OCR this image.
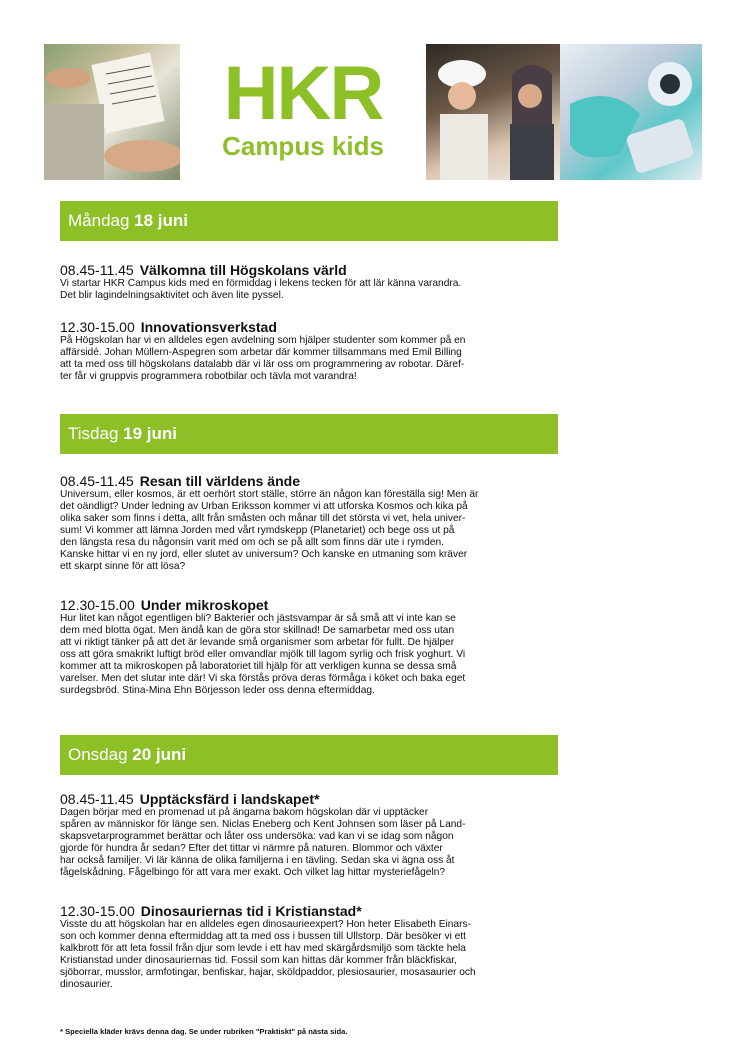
HKR
Campus kids
Måndag 18 juni
08.45-11.45 Välkomna till Högskolans värld

Vi startar HKR Campus kids med en förmiddag i lekens tecken för att lär känna varandra.
Det blir lagindelningsaktivitet och även lite pyssel.

12.30-15.00 Innovationsverkstad

På Högskolan har vi en alldeles egen avdelning som hjälper studenter som kommer på en
affärsidé. Johan Müllern-Aspegren som arbetar där kommer tillsammans med Emil Billing
att ta med oss till högskolans datalabb där vi lär oss om programmering av robotar. Däref-
ter får vi gruppvis programmera robotbilar och tävla mot varandra!

Tisdag 19 juni
08.45-11.45 Resan till världens ände

Universum, eller kosmos, är ett oerhört stort ställe, större än någon kan föreställa sig! Men är
det oändligt? Under ledning av Urban Eriksson kommer vi att utforska Kosmos och kika på
olika saker som finns i detta, allt från småsten och månar till det största vi vet, hela univer-
sum! Vi kommer att lämna Jorden med vårt rymdskepp (Planetariet) och bege oss ut på
den längsta resa du någonsin varit med om och se på allt som finns där ute i rymden.
Kanske hittar vi en ny jord, eller slutet av universum? Och kanske en utmaning som kräver
ett skarpt sinne för att lösa?

12.30-15.00 Under mikroskopet

Hur litet kan något egentligen bli? Bakterier och jästsvampar är så små att vi inte kan se
dem med blotta ögat. Men ändå kan de göra stor skillnad! De samarbetar med oss utan
att vi riktigt tänker på att det är levande små organismer som arbetar för fullt. De hjälper
oss att göra smakrikt luftigt bröd eller omvandlar mjölk till lagom syrlig och frisk yoghurt. Vi
kommer att ta mikroskopen på laboratoriet till hjälp för att verkligen kunna se dessa små
varelser. Men det slutar inte där! Vi ska förstås pröva deras förmåga i köket och baka eget
surdegsbröd. Stina-Mina Ehn Börjesson leder oss denna eftermiddag.

Onsdag 20 juni
08.45-11.45 Upptäcksfärd i landskapet*

Dagen börjar med en promenad ut på ängarna bakom högskolan där vi upptäcker
spåren av människor för länge sen. Niclas Eneberg och Kent Johnsen som läser på Land-
skapsvetarprogrammet berättar och låter oss undersöka: vad kan vi se idag som någon
gjorde för hundra år sedan? Efter det tittar vi närmre på naturen. Blommor och växter
har också familjer. Vi lär känna de olika familjerna i en tävling. Sedan ska vi ägna oss åt
fågelskådning. Fågelbingo för att vara mer exakt. Och vilket lag hittar mysteriefågeln?

12.30-15.00 Dinosauriernas tid i Kristianstad*

Visste du att högskolan har en alldeles egen dinosaurieexpert? Hon heter Elisabeth Einars-
son och kommer denna eftermiddag att ta med oss i bussen till Ullstorp. Där besöker vi ett
kalkbrott för att leta fossil från djur som levde i ett hav med skärgårdsmiljö som täckte hela
Kristianstad under dinosauriernas tid. Fossil som kan hittas där kommer från bläckfiskar,
sjöborrar, musslor, armfotingar, benfiskar, hajar, sköldpaddor, plesiosaurier, mosasaurier och
dinosaurier.

* Speciella kläder krävs denna dag. Se under rubriken "Praktiskt" på nästa sida.
